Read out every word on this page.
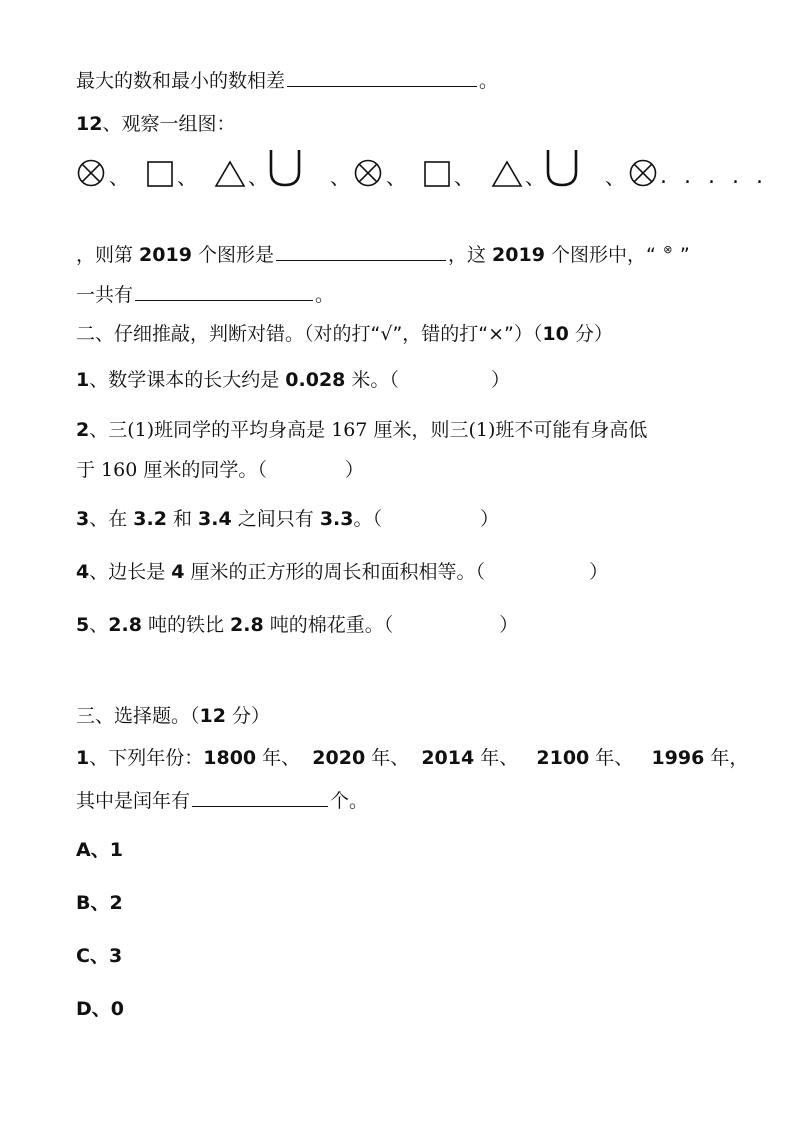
最大的数和最小的数相差	。
12、观察一组图：
、 、	、	、 、 、	、	、 . . . . .
，则第 2019 个图形是	，这 2019 个图形中，“ ⊗ ”
一共有	。
二、仔细推敲，判断对错。（对的打“√”，错的打“×”）（10 分）
1、数学课本的长大约是 0.028 米。（	）
2、三(1)班同学的平均身高是 167 厘米，则三(1)班不可能有身高低
于 160 厘米的同学。（	）
3、在 3.2 和 3.4 之间只有 3.3。（	）
4、边长是 4 厘米的正方形的周长和面积相等。（	）
5、2.8 吨的铁比 2.8 吨的棉花重。（	）
三、选择题。（12 分）
1、下列年份：1800 年、 2020 年、 2014 年、 2100 年、 1996 年，
其中是闰年有	个。
A、1
B、2
C、3
D、0
